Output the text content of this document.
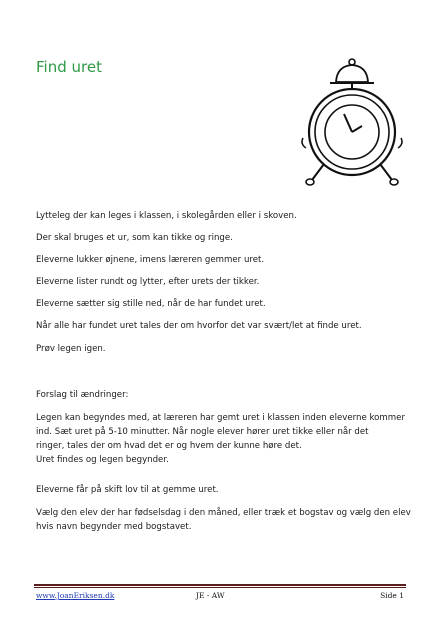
Find uret
Lytteleg der kan leges i klassen, i skolegården eller i skoven.
Der skal bruges et ur, som kan tikke og ringe.
Eleverne lukker øjnene, imens læreren gemmer uret.
Eleverne lister rundt og lytter, efter urets der tikker.
Eleverne sætter sig stille ned, når de har fundet uret.
Når alle har fundet uret tales der om hvorfor det var svært/let at finde uret.
Prøv legen igen.
Forslag til ændringer:
Legen kan begyndes med, at læreren har gemt uret i klassen inden eleverne kommer
ind. Sæt uret på 5-10 minutter. Når nogle elever hører uret tikke eller når det
ringer, tales der om hvad det er og hvem der kunne høre det.
Uret findes og legen begynder.
Eleverne får på skift lov til at gemme uret.
Vælg den elev der har fødselsdag i den måned, eller træk et bogstav og vælg den elev
hvis navn begynder med bogstavet.
www.JoanEriksen.dk	JE - AW	Side 1
